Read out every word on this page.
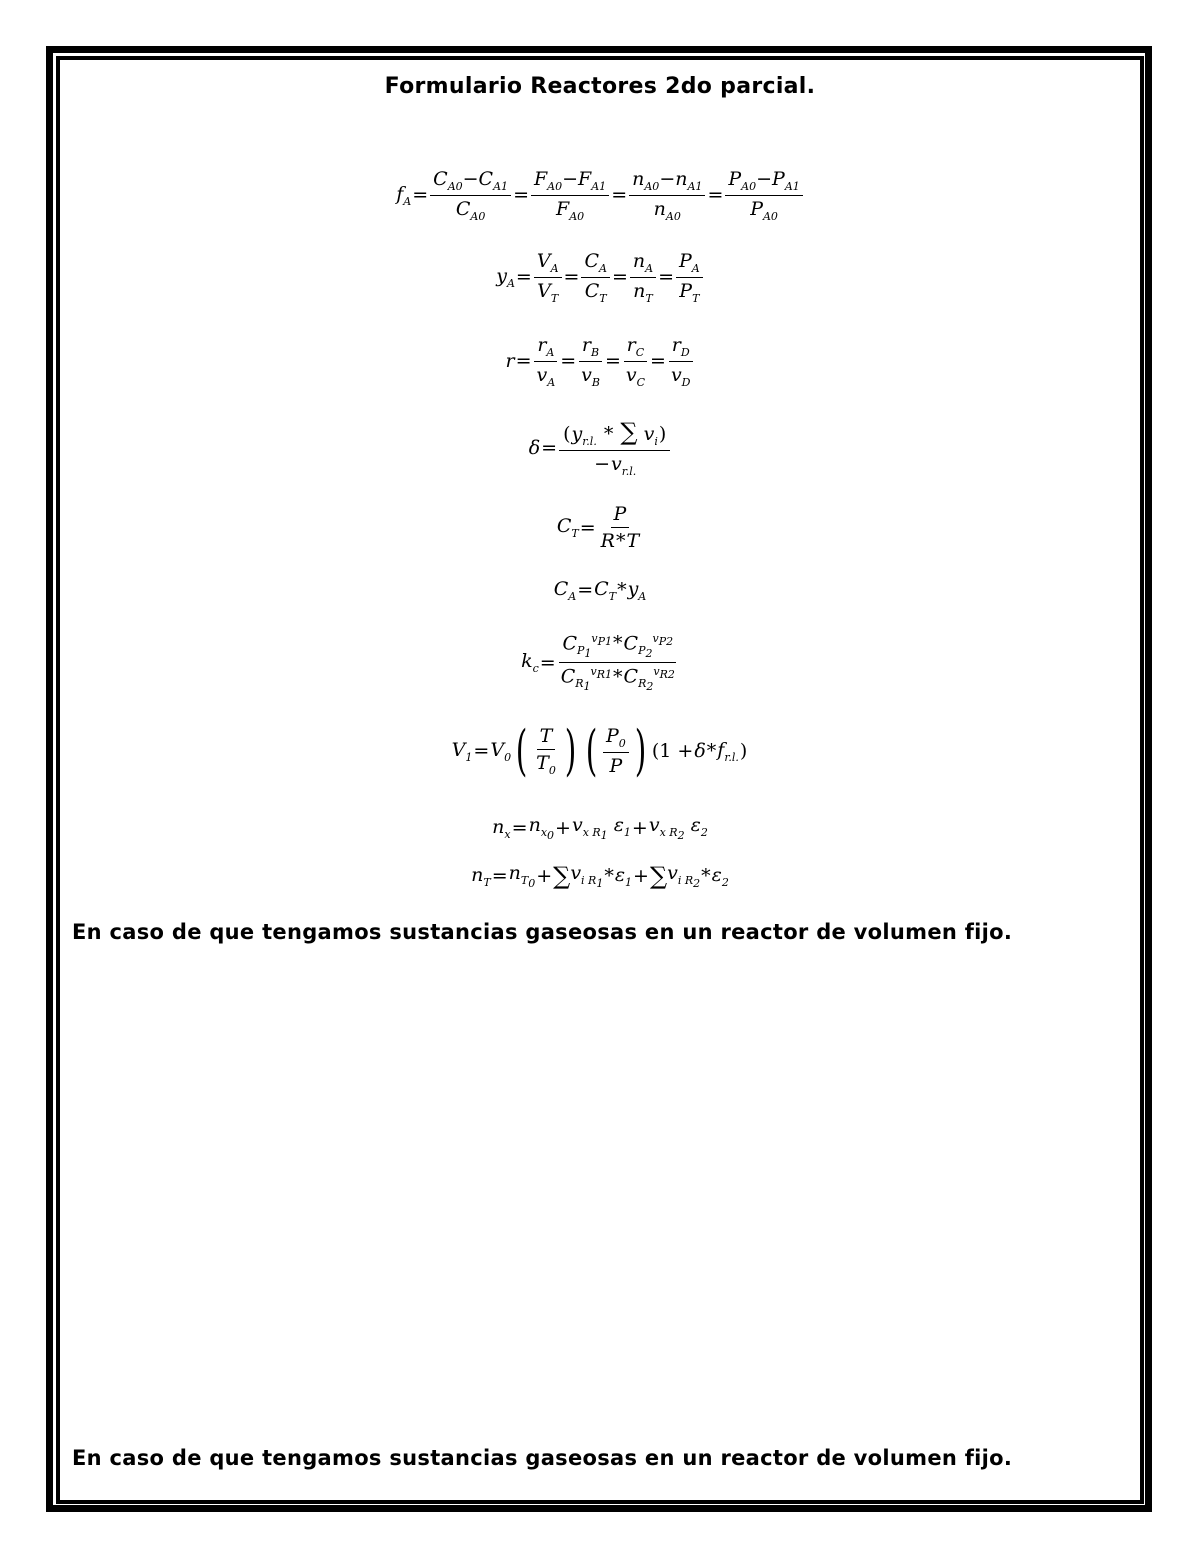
Formulario Reactores 2do parcial.
$f_A = \frac{C_{A0}-C_{A1}}{C_{A0}} = \frac{F_{A0}-F_{A1}}{F_{A0}} = \frac{n_{A0}-n_{A1}}{n_{A0}} = \frac{P_{A0}-P_{A1}}{P_{A0}}$
$y_A = \frac{V_A}{V_T} = \frac{C_A}{C_T} = \frac{n_A}{n_T} = \frac{P_A}{P_T}$
$r = \frac{r_A}{v_A} = \frac{r_B}{v_B} = \frac{r_C}{v_C} = \frac{r_D}{v_D}$
$\delta = \frac{(y_{r.l.} * \sum v_i)}{-v_{r.l.}}$
$C_T = \frac{P}{R*T}$
$C_A = C_T * y_A$
$k_c = \frac{C_{P_1}^{v_{P1}}*C_{P_2}^{v_{P2}}}{C_{R_1}^{v_{R1}}*C_{R_2}^{v_{R2}}}$
$V_1 = V_0$ ( $\frac{T}{T_0}$ ) ( $\frac{P_0}{P}$ ) ($1 + \delta * f_{r.l.}$ )
$n_x = n_{x_0} + v_{x R_1}$ $\varepsilon_1 + v_{x R_2}$ $\varepsilon_2$
$n_T = n_{T_0}$ + ∑ $v_{i R_1} * \varepsilon_1$ + ∑ $v_{i R_2} * \varepsilon_2$
En caso de que tengamos sustancias gaseosas en un reactor de volumen fijo.
En caso de que tengamos sustancias gaseosas en un reactor de volumen fijo.
